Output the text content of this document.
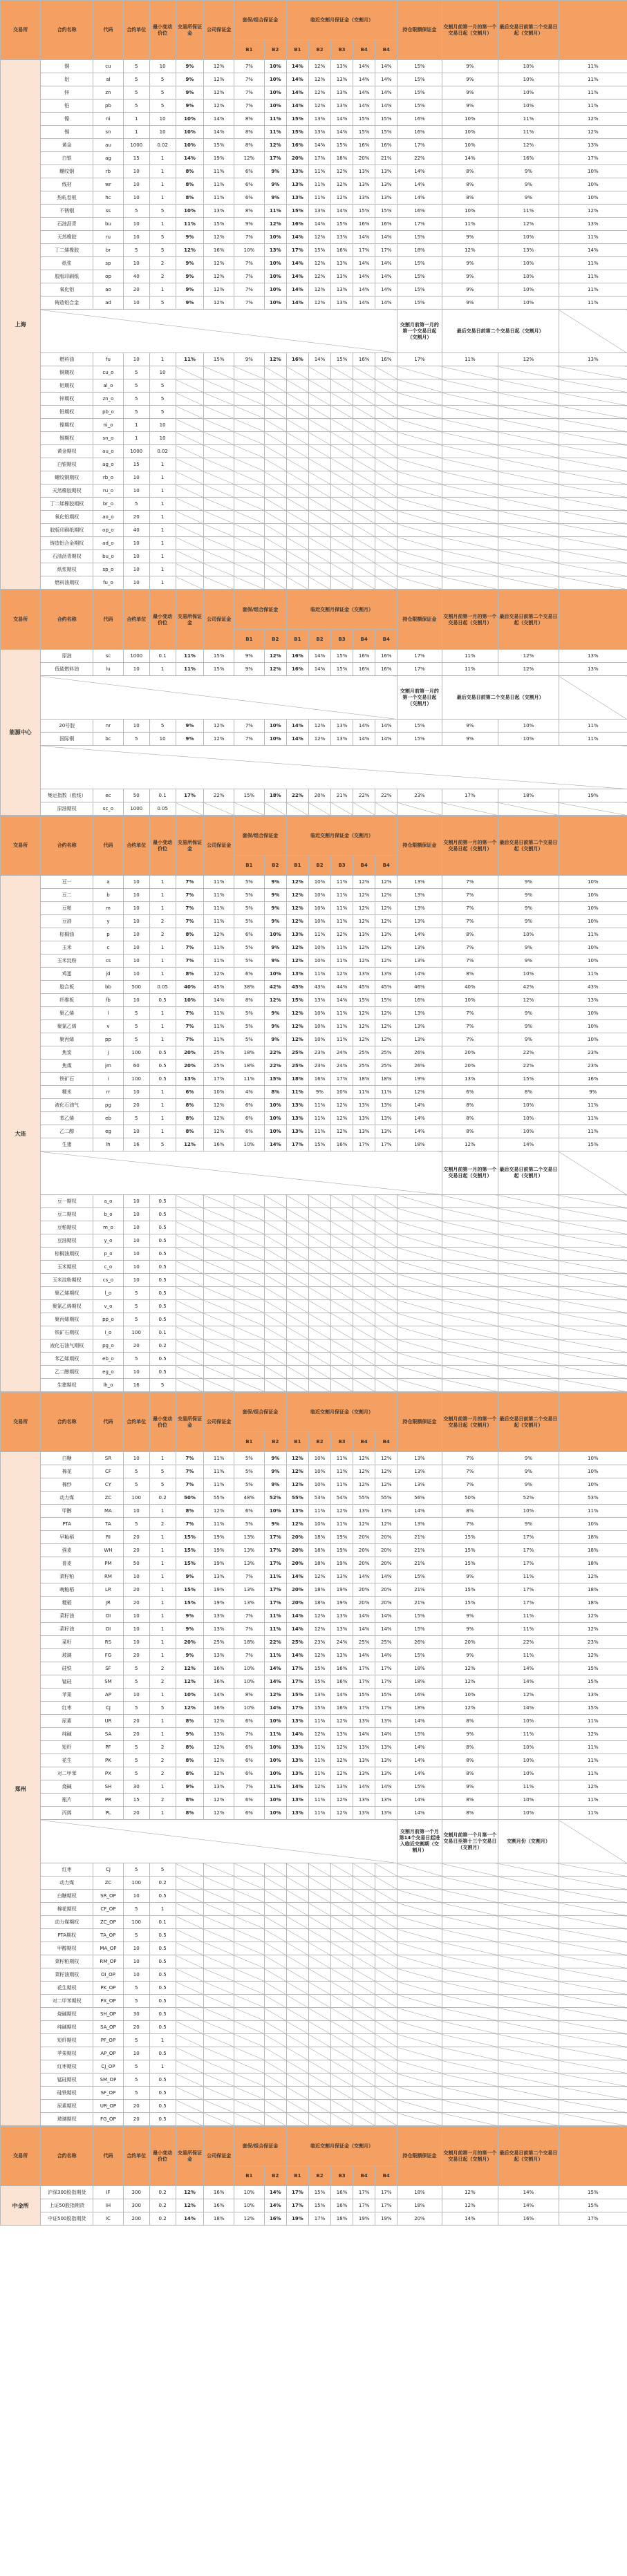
交易所	合约名称	代码	合约单位	最小变动价位	交易所保证金	公司保证金	套保/组合保证金		临近交割月保证金（交割月）					持仓限额保证金	交割月前第一月的第一个交易日起（交割月）	最后交易日前第二个交易日起（交割月）	
							B1	B2	B1	B2	B3	B4	B4				
上海	铜	cu	5	10	9%	12%	7%	10%	14%	12%	13%	14%	14%	15%	9%	10%	11%
	铝	al	5	5	9%	12%	7%	10%	14%	12%	13%	14%	14%	15%	9%	10%	11%
	锌	zn	5	5	9%	12%	7%	10%	14%	12%	13%	14%	14%	15%	9%	10%	11%
	铅	pb	5	5	9%	12%	7%	10%	14%	12%	13%	14%	14%	15%	9%	10%	11%
	镍	ni	1	10	10%	14%	8%	11%	15%	13%	14%	15%	15%	16%	10%	11%	12%
	锡	sn	1	10	10%	14%	8%	11%	15%	13%	14%	15%	15%	16%	10%	11%	12%
	黄金	au	1000	0.02	10%	15%	8%	12%	16%	14%	15%	16%	16%	17%	10%	12%	13%
	白银	ag	15	1	14%	19%	12%	17%	20%	17%	18%	20%	21%	22%	14%	16%	17%
	螺纹钢	rb	10	1	8%	11%	6%	9%	13%	11%	12%	13%	13%	14%	8%	9%	10%
	线材	wr	10	1	8%	11%	6%	9%	13%	11%	12%	13%	13%	14%	8%	9%	10%
	热轧卷板	hc	10	1	8%	11%	6%	9%	13%	11%	12%	13%	13%	14%	8%	9%	10%
	不锈钢	ss	5	5	10%	13%	8%	11%	15%	13%	14%	15%	15%	16%	10%	11%	12%
	石油沥青	bu	10	1	11%	15%	9%	12%	16%	14%	15%	16%	16%	17%	11%	12%	13%
	天然橡胶	ru	10	5	9%	12%	7%	10%	14%	12%	13%	14%	14%	15%	9%	10%	11%
	丁二烯橡胶	br	5	5	12%	16%	10%	13%	17%	15%	16%	17%	17%	18%	12%	13%	14%
	纸浆	sp	10	2	9%	12%	7%	10%	14%	12%	13%	14%	14%	15%	9%	10%	11%
	胶版印刷纸	op	40	2	9%	12%	7%	10%	14%	12%	13%	14%	14%	15%	9%	10%	11%
	氧化铝	ao	20	1	9%	12%	7%	10%	14%	12%	13%	14%	14%	15%	9%	10%	11%
	铸造铝合金	ad	10	5	9%	12%	7%	10%	14%	12%	13%	14%	14%	15%	9%	10%	11%
														交割月前第一月的第一个交易日起（交割月）	最后交易日前第二个交易日起（交割月）		
	燃料油	fu	10	1	11%	15%	9%	12%	16%	14%	15%	16%	16%	17%	11%	12%	13%
	铜期权	cu_o	5	10													
	铝期权	al_o	5	5													
	锌期权	zn_o	5	5													
	铅期权	pb_o	5	5													
	镍期权	ni_o	1	10													
	锡期权	sn_o	1	10													
	黄金期权	au_o	1000	0.02													
	白银期权	ag_o	15	1													
	螺纹钢期权	rb_o	10	1													
	天然橡胶期权	ru_o	10	1													
	丁二烯橡胶期权	br_o	5	1													
	氧化铝期权	ao_o	20	1													
	胶版印刷纸期权	op_o	40	1													
	铸造铝合金期权	ad_o	10	1													
	石油沥青期权	bu_o	10	1													
	纸浆期权	sp_o	10	1													
	燃料油期权	fu_o	10	1													
交易所	合约名称	代码	合约单位	最小变动价位	交易所保证金	公司保证金	套保/组合保证金		临近交割月保证金（交割月）					持仓限额保证金	交割月前第一月的第一个交易日起（交割月）	最后交易日前第二个交易日起（交割月）	
							B1	B2	B1	B2	B3	B4	B4				
能源中心	原油	sc	1000	0.1	11%	15%	9%	12%	16%	14%	15%	16%	16%	17%	11%	12%	13%
	低硫燃料油	lu	10	1	11%	15%	9%	12%	16%	14%	15%	16%	16%	17%	11%	12%	13%
														交割月前第一月的第一个交易日起（交割月）	最后交易日前第二个交易日起（交割月）		
	20号胶	nr	10	5	9%	12%	7%	10%	14%	12%	13%	14%	14%	15%	9%	10%	11%
	国际铜	bc	5	10	9%	12%	7%	10%	14%	12%	13%	14%	14%	15%	9%	10%	11%

	集运指数（欧线）	ec	50	0.1	17%	22%	15%	18%	22%	20%	21%	22%	22%	23%	17%	18%	19%
	原油期权	sc_o	1000	0.05													
交易所	合约名称	代码	合约单位	最小变动价位	交易所保证金	公司保证金	套保/组合保证金		临近交割月保证金（交割月）					持仓限额保证金	交割月前第一月的第一个交易日起（交割月）	最后交易日前第二个交易日起（交割月）	
							B1	B2	B1	B2	B3	B4	B4				
大连	豆一	a	10	1	7%	11%	5%	9%	12%	10%	11%	12%	12%	13%	7%	9%	10%
	豆二	b	10	1	7%	11%	5%	9%	12%	10%	11%	12%	12%	13%	7%	9%	10%
	豆粕	m	10	1	7%	11%	5%	9%	12%	10%	11%	12%	12%	13%	7%	9%	10%
	豆油	y	10	2	7%	11%	5%	9%	12%	10%	11%	12%	12%	13%	7%	9%	10%
	棕榈油	p	10	2	8%	12%	6%	10%	13%	11%	12%	13%	13%	14%	8%	10%	11%
	玉米	c	10	1	7%	11%	5%	9%	12%	10%	11%	12%	12%	13%	7%	9%	10%
	玉米淀粉	cs	10	1	7%	11%	5%	9%	12%	10%	11%	12%	12%	13%	7%	9%	10%
	鸡蛋	jd	10	1	8%	12%	6%	10%	13%	11%	12%	13%	13%	14%	8%	10%	11%
	胶合板	bb	500	0.05	40%	45%	38%	42%	45%	43%	44%	45%	45%	46%	40%	42%	43%
	纤维板	fb	10	0.5	10%	14%	8%	12%	15%	13%	14%	15%	15%	16%	10%	12%	13%
	聚乙烯	l	5	1	7%	11%	5%	9%	12%	10%	11%	12%	12%	13%	7%	9%	10%
	聚氯乙烯	v	5	1	7%	11%	5%	9%	12%	10%	11%	12%	12%	13%	7%	9%	10%
	聚丙烯	pp	5	1	7%	11%	5%	9%	12%	10%	11%	12%	12%	13%	7%	9%	10%
	焦炭	j	100	0.5	20%	25%	18%	22%	25%	23%	24%	25%	25%	26%	20%	22%	23%
	焦煤	jm	60	0.5	20%	25%	18%	22%	25%	23%	24%	25%	25%	26%	20%	22%	23%
	铁矿石	i	100	0.5	13%	17%	11%	15%	18%	16%	17%	18%	18%	19%	13%	15%	16%
	粳米	rr	10	1	6%	10%	4%	8%	11%	9%	10%	11%	11%	12%	6%	8%	9%
	液化石油气	pg	20	1	8%	12%	6%	10%	13%	11%	12%	13%	13%	14%	8%	10%	11%
	苯乙烯	eb	5	1	8%	12%	6%	10%	13%	11%	12%	13%	13%	14%	8%	10%	11%
	乙二醇	eg	10	1	8%	12%	6%	10%	13%	11%	12%	13%	13%	14%	8%	10%	11%
	生猪	lh	16	5	12%	16%	10%	14%	17%	15%	16%	17%	17%	18%	12%	14%	15%
															交割月前第一月的第一个交易日起（交割月）	最后交易日前第二个交易日起（交割月）	
	豆一期权	a_o	10	0.5													
	豆二期权	b_o	10	0.5													
	豆粕期权	m_o	10	0.5													
	豆油期权	y_o	10	0.5													
	棕榈油期权	p_o	10	0.5													
	玉米期权	c_o	10	0.5													
	玉米淀粉期权	cs_o	10	0.5													
	聚乙烯期权	l_o	5	0.5													
	聚氯乙烯期权	v_o	5	0.5													
	聚丙烯期权	pp_o	5	0.5													
	铁矿石期权	i_o	100	0.1													
	液化石油气期权	pg_o	20	0.2													
	苯乙烯期权	eb_o	5	0.5													
	乙二醇期权	eg_o	10	0.5													
	生猪期权	lh_o	16	5													
交易所	合约名称	代码	合约单位	最小变动价位	交易所保证金	公司保证金	套保/组合保证金		临近交割月保证金（交割月）					持仓限额保证金	交割月前第一月的第一个交易日起（交割月）	最后交易日前第二个交易日起（交割月）	
							B1	B2	B1	B2	B3	B4	B4				
郑州	白糖	SR	10	1	7%	11%	5%	9%	12%	10%	11%	12%	12%	13%	7%	9%	10%
	棉花	CF	5	5	7%	11%	5%	9%	12%	10%	11%	12%	12%	13%	7%	9%	10%
	棉纱	CY	5	5	7%	11%	5%	9%	12%	10%	11%	12%	12%	13%	7%	9%	10%
	动力煤	ZC	100	0.2	50%	55%	48%	52%	55%	53%	54%	55%	55%	56%	50%	52%	53%
	甲醇	MA	10	1	8%	12%	6%	10%	13%	11%	12%	13%	13%	14%	8%	10%	11%
	PTA	TA	5	2	7%	11%	5%	9%	12%	10%	11%	12%	12%	13%	7%	9%	10%
	早籼稻	RI	20	1	15%	19%	13%	17%	20%	18%	19%	20%	20%	21%	15%	17%	18%
	强麦	WH	20	1	15%	19%	13%	17%	20%	18%	19%	20%	20%	21%	15%	17%	18%
	普麦	PM	50	1	15%	19%	13%	17%	20%	18%	19%	20%	20%	21%	15%	17%	18%
	菜籽粕	RM	10	1	9%	13%	7%	11%	14%	12%	13%	14%	14%	15%	9%	11%	12%
	晚籼稻	LR	20	1	15%	19%	13%	17%	20%	18%	19%	20%	20%	21%	15%	17%	18%
	粳稻	JR	20	1	15%	19%	13%	17%	20%	18%	19%	20%	20%	21%	15%	17%	18%
	菜籽油	OI	10	1	9%	13%	7%	11%	14%	12%	13%	14%	14%	15%	9%	11%	12%
	菜籽油	OI	10	1	9%	13%	7%	11%	14%	12%	13%	14%	14%	15%	9%	11%	12%
	菜籽	RS	10	1	20%	25%	18%	22%	25%	23%	24%	25%	25%	26%	20%	22%	23%
	玻璃	FG	20	1	9%	13%	7%	11%	14%	12%	13%	14%	14%	15%	9%	11%	12%
	硅铁	SF	5	2	12%	16%	10%	14%	17%	15%	16%	17%	17%	18%	12%	14%	15%
	锰硅	SM	5	2	12%	16%	10%	14%	17%	15%	16%	17%	17%	18%	12%	14%	15%
	苹果	AP	10	1	10%	14%	8%	12%	15%	13%	14%	15%	15%	16%	10%	12%	13%
	红枣	CJ	5	5	12%	16%	10%	14%	17%	15%	16%	17%	17%	18%	12%	14%	15%
	尿素	UR	20	1	8%	12%	6%	10%	13%	11%	12%	13%	13%	14%	8%	10%	11%
	纯碱	SA	20	1	9%	13%	7%	11%	14%	12%	13%	14%	14%	15%	9%	11%	12%
	短纤	PF	5	2	8%	12%	6%	10%	13%	11%	12%	13%	13%	14%	8%	10%	11%
	花生	PK	5	2	8%	12%	6%	10%	13%	11%	12%	13%	13%	14%	8%	10%	11%
	对二甲苯	PX	5	2	8%	12%	6%	10%	13%	11%	12%	13%	13%	14%	8%	10%	11%
	烧碱	SH	30	1	9%	13%	7%	11%	14%	12%	13%	14%	14%	15%	9%	11%	12%
	瓶片	PR	15	2	8%	12%	6%	10%	13%	11%	12%	13%	13%	14%	8%	10%	11%
	丙烯	PL	20	1	8%	12%	6%	10%	13%	11%	12%	13%	13%	14%	8%	10%	11%
														交割月前第一个月第14个交易日起进入临近交割期（交割月）	交割月前第一个月第一个交易日至第十三个交易日（交割月）	交割月份（交割月）	
	红枣	CJ	5	5													
	动力煤	ZC	100	0.2													
	白糖期权	SR_OP	10	0.5													
	棉花期权	CF_OP	5	1													
	动力煤期权	ZC_OP	100	0.1													
	PTA期权	TA_OP	5	0.5													
	甲醇期权	MA_OP	10	0.5													
	菜籽粕期权	RM_OP	10	0.5													
	菜籽油期权	OI_OP	10	0.5													
	花生期权	PK_OP	5	0.5													
	对二甲苯期权	PX_OP	5	0.5													
	烧碱期权	SH_OP	30	0.5													
	纯碱期权	SA_OP	20	0.5													
	短纤期权	PF_OP	5	1													
	苹果期权	AP_OP	10	0.5													
	红枣期权	CJ_OP	5	1													
	锰硅期权	SM_OP	5	0.5													
	硅铁期权	SF_OP	5	0.5													
	尿素期权	UR_OP	20	0.5													
	玻璃期权	FG_OP	20	0.5													
交易所	合约名称	代码	合约单位	最小变动价位	交易所保证金	公司保证金	套保/组合保证金		临近交割月保证金（交割月）					持仓限额保证金	交割月前第一月的第一个交易日起（交割月）	最后交易日前第二个交易日起（交割月）	
							B1	B2	B1	B2	B3	B4	B4				
中金所	沪深300股指期货	IF	300	0.2	12%	16%	10%	14%	17%	15%	16%	17%	17%	18%	12%	14%	15%
	上证50股指期货	IH	300	0.2	12%	16%	10%	14%	17%	15%	16%	17%	17%	18%	12%	14%	15%
	中证500股指期货	IC	200	0.2	14%	18%	12%	16%	19%	17%	18%	19%	19%	20%	14%	16%	17%
